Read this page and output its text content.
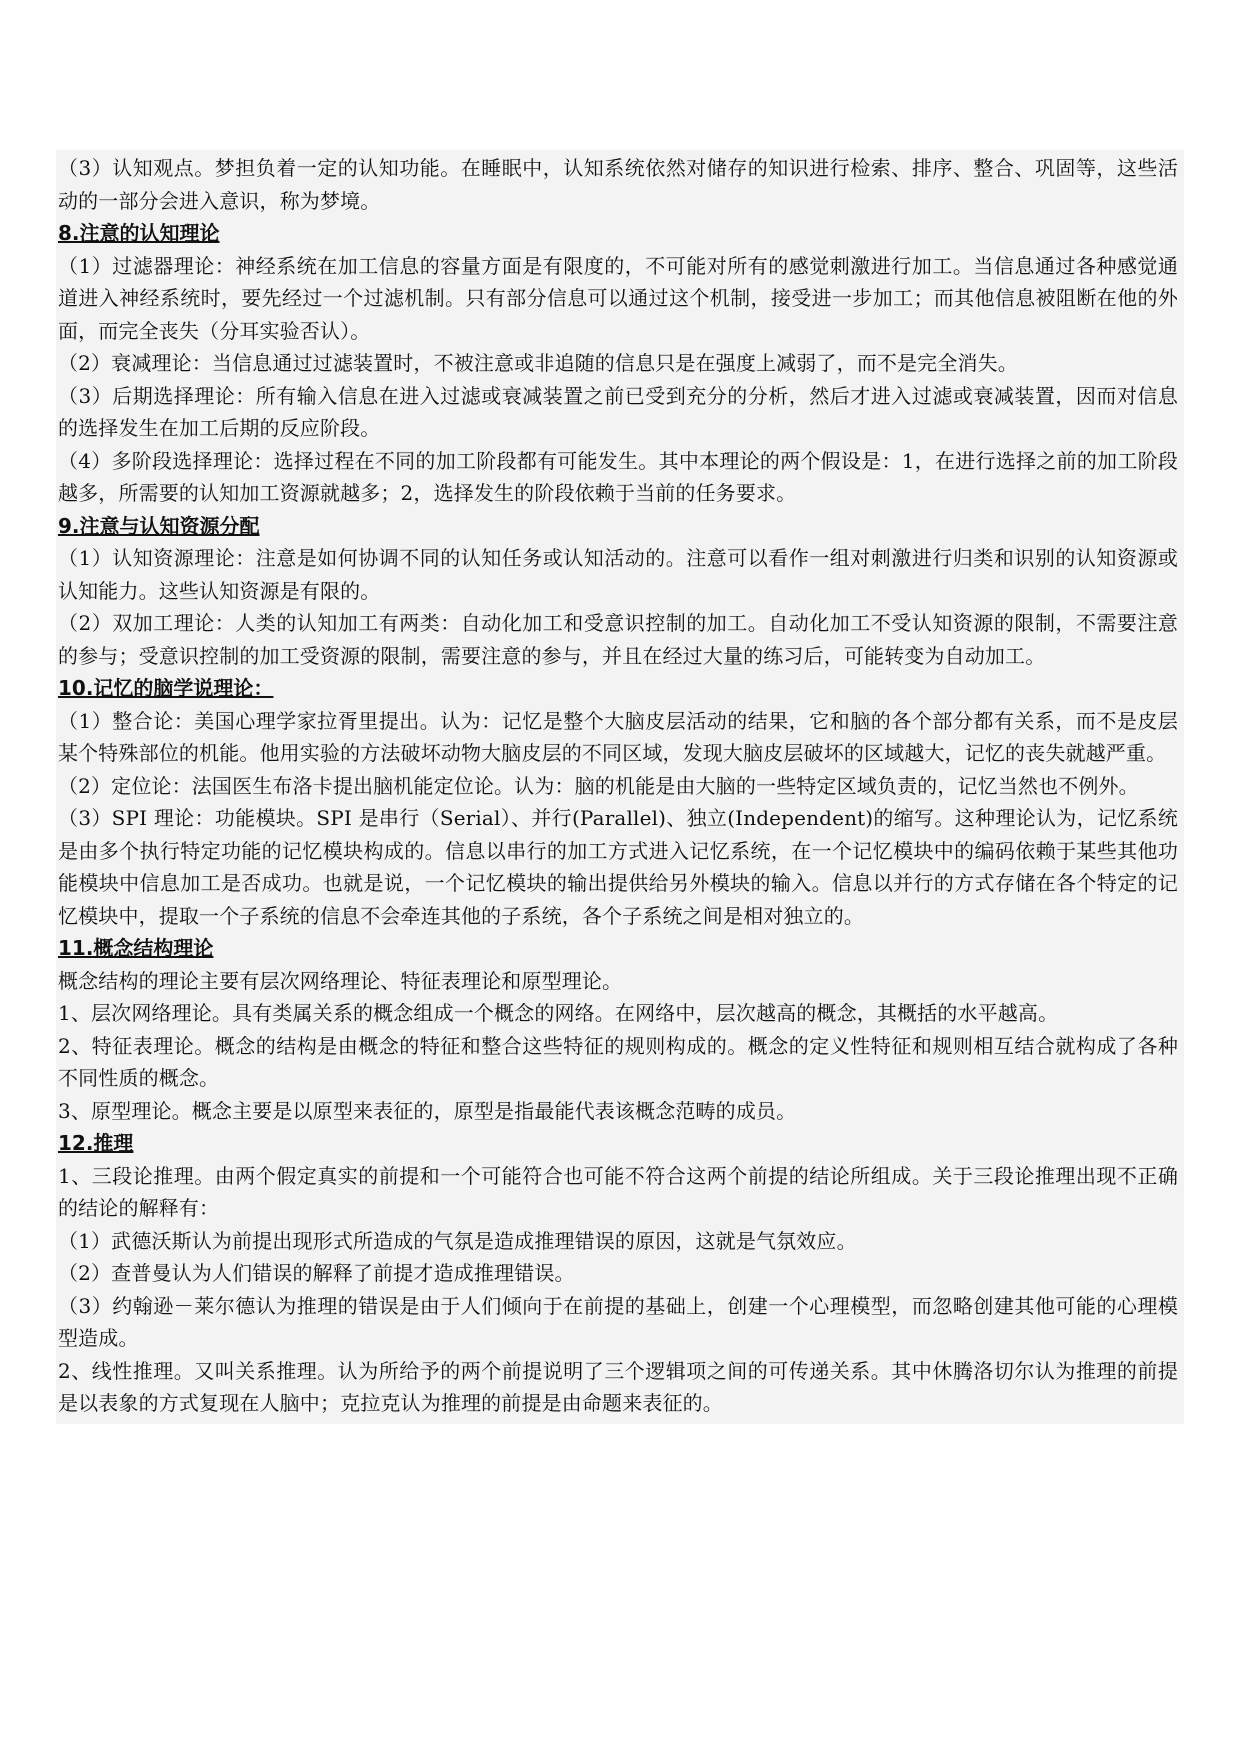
（3）认知观点。梦担负着一定的认知功能。在睡眠中，认知系统依然对储存的知识进行检索、排序、整合、巩固等，这些活动的一部分会进入意识，称为梦境。

8.注意的认知理论

（1）过滤器理论：神经系统在加工信息的容量方面是有限度的，不可能对所有的感觉刺激进行加工。当信息通过各种感觉通道进入神经系统时，要先经过一个过滤机制。只有部分信息可以通过这个机制，接受进一步加工；而其他信息被阻断在他的外面，而完全丧失（分耳实验否认）。

（2）衰减理论：当信息通过过滤装置时，不被注意或非追随的信息只是在强度上减弱了，而不是完全消失。

（3）后期选择理论：所有输入信息在进入过滤或衰减装置之前已受到充分的分析，然后才进入过滤或衰减装置，因而对信息的选择发生在加工后期的反应阶段。

（4）多阶段选择理论：选择过程在不同的加工阶段都有可能发生。其中本理论的两个假设是：1，在进行选择之前的加工阶段越多，所需要的认知加工资源就越多；2，选择发生的阶段依赖于当前的任务要求。

9.注意与认知资源分配

（1）认知资源理论：注意是如何协调不同的认知任务或认知活动的。注意可以看作一组对刺激进行归类和识别的认知资源或认知能力。这些认知资源是有限的。

（2）双加工理论：人类的认知加工有两类：自动化加工和受意识控制的加工。自动化加工不受认知资源的限制，不需要注意的参与；受意识控制的加工受资源的限制，需要注意的参与，并且在经过大量的练习后，可能转变为自动加工。

10.记忆的脑学说理论：

（1）整合论：美国心理学家拉胥里提出。认为：记忆是整个大脑皮层活动的结果，它和脑的各个部分都有关系，而不是皮层某个特殊部位的机能。他用实验的方法破坏动物大脑皮层的不同区域，发现大脑皮层破坏的区域越大，记忆的丧失就越严重。

（2）定位论：法国医生布洛卡提出脑机能定位论。认为：脑的机能是由大脑的一些特定区域负责的，记忆当然也不例外。

（3）SPI 理论：功能模块。SPI 是串行（Serial）、并行(Parallel)、独立(Independent)的缩写。这种理论认为，记忆系统是由多个执行特定功能的记忆模块构成的。信息以串行的加工方式进入记忆系统，在一个记忆模块中的编码依赖于某些其他功能模块中信息加工是否成功。也就是说，一个记忆模块的输出提供给另外模块的输入。信息以并行的方式存储在各个特定的记忆模块中，提取一个子系统的信息不会牵连其他的子系统，各个子系统之间是相对独立的。

11.概念结构理论

概念结构的理论主要有层次网络理论、特征表理论和原型理论。

1、层次网络理论。具有类属关系的概念组成一个概念的网络。在网络中，层次越高的概念，其概括的水平越高。

2、特征表理论。概念的结构是由概念的特征和整合这些特征的规则构成的。概念的定义性特征和规则相互结合就构成了各种不同性质的概念。

3、原型理论。概念主要是以原型来表征的，原型是指最能代表该概念范畴的成员。

12.推理

1、三段论推理。由两个假定真实的前提和一个可能符合也可能不符合这两个前提的结论所组成。关于三段论推理出现不正确的结论的解释有：

（1）武德沃斯认为前提出现形式所造成的气氛是造成推理错误的原因，这就是气氛效应。

（2）查普曼认为人们错误的解释了前提才造成推理错误。

（3）约翰逊－莱尔德认为推理的错误是由于人们倾向于在前提的基础上，创建一个心理模型，而忽略创建其他可能的心理模型造成。

2、线性推理。又叫关系推理。认为所给予的两个前提说明了三个逻辑项之间的可传递关系。其中休腾洛切尔认为推理的前提是以表象的方式复现在人脑中；克拉克认为推理的前提是由命题来表征的。
